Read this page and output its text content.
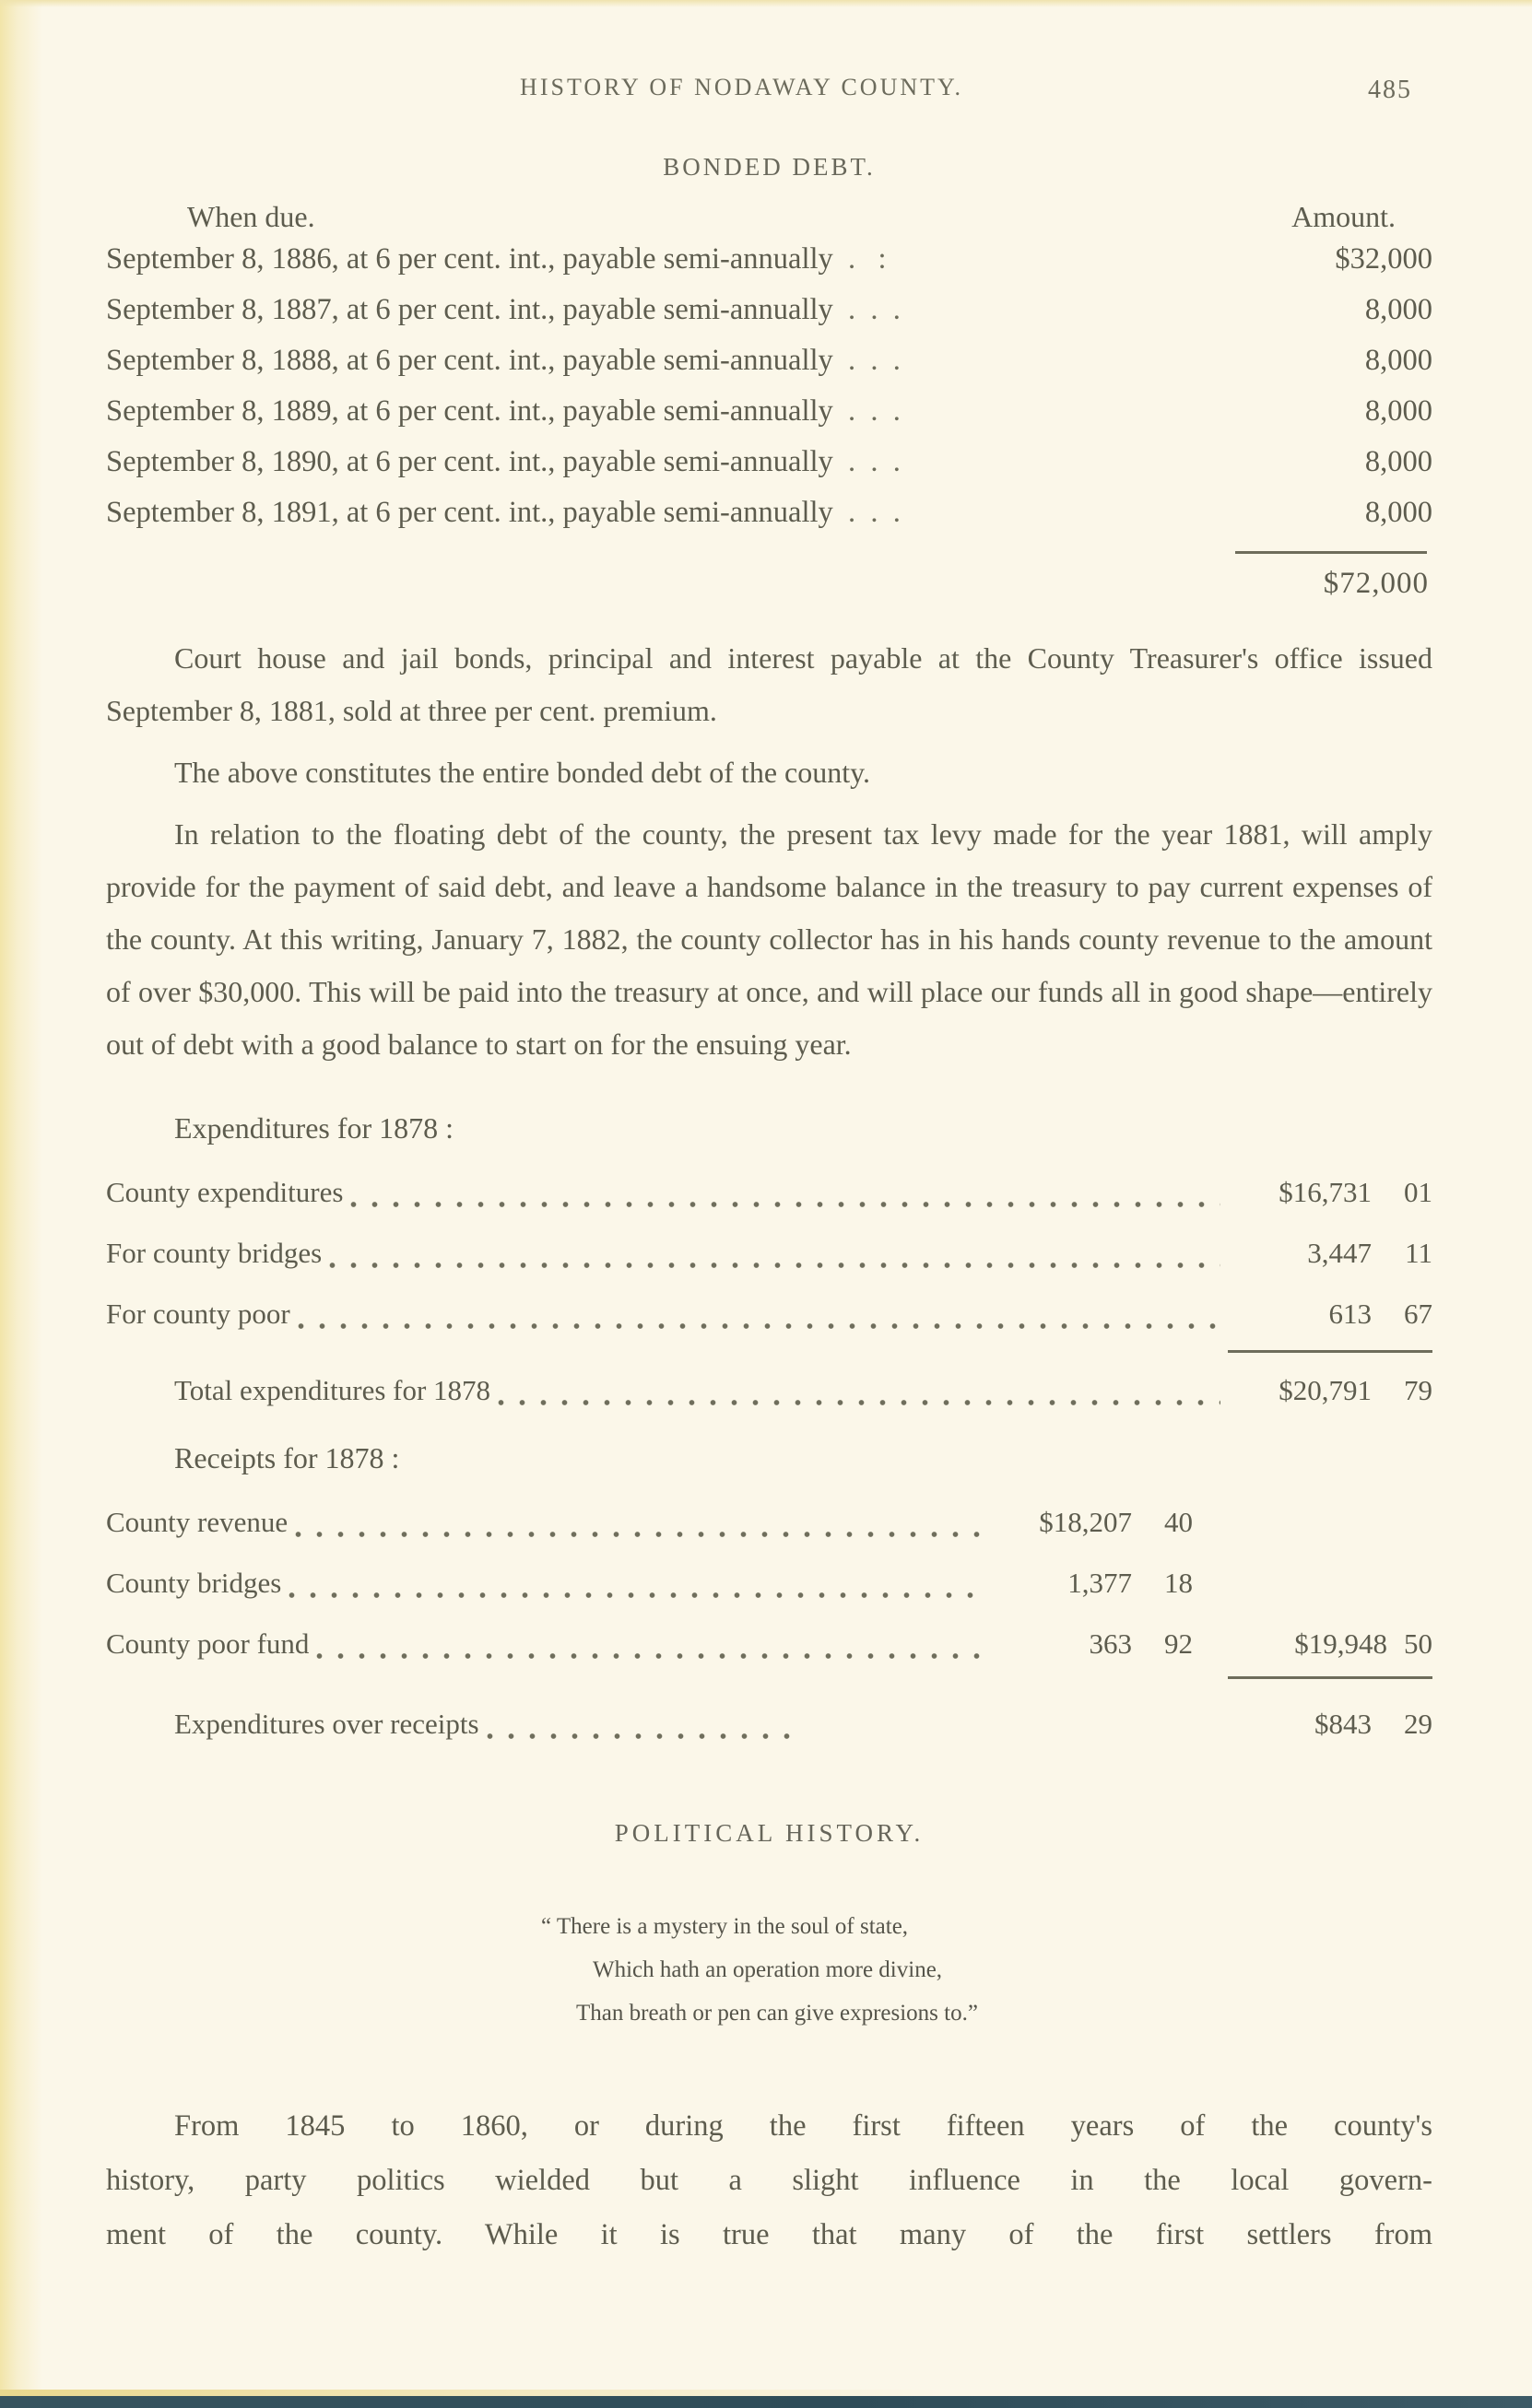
HISTORY OF NODAWAY COUNTY.	485
BONDED DEBT.
When due.	Amount.
September 8, 1886, at 6 per cent. int., payable semi-annually .   :	$32,000
September 8, 1887, at 6 per cent. int., payable semi-annually .  .	8,000
September 8, 1888, at 6 per cent. int., payable semi-annually .  .	8,000
September 8, 1889, at 6 per cent. int., payable semi-annually .  .	8,000
September 8, 1890, at 6 per cent. int., payable semi-annually .  .	8,000
September 8, 1891, at 6 per cent. int., payable semi-annually .  .	8,000
$72,000
Court house and jail bonds, principal and interest payable at the County Treasurer's office issued September 8, 1881, sold at three per cent. premium.
The above constitutes the entire bonded debt of the county.
In relation to the floating debt of the county, the present tax levy made for the year 1881, will amply provide for the payment of said debt, and leave a handsome balance in the treasury to pay current expenses of the county. At this writing, January 7, 1882, the county collector has in his hands county revenue to the amount of over $30,000. This will be paid into the treasury at once, and will place our funds all in good shape—entirely out of debt with a good balance to start on for the ensuing year.
Expenditures for 1878 :
County expenditures	$16,731	01
For county bridges	3,447	11
For county poor	613	67
Total expenditures for 1878	$20,791	79
Receipts for 1878 :
County revenue	$18,207	40
County bridges	1,377	18
County poor fund	363	92	$19,948 50
Expenditures over receipts	$843	29
POLITICAL HISTORY.
“ There is a mystery in the soul of state,
Which hath an operation more divine,
Than breath or pen can give expresions to.”
From 1845 to 1860, or during the first fifteen years of the county's
history, party politics wielded but a slight influence in the local govern-
ment of the county. While it is true that many of the first settlers from
